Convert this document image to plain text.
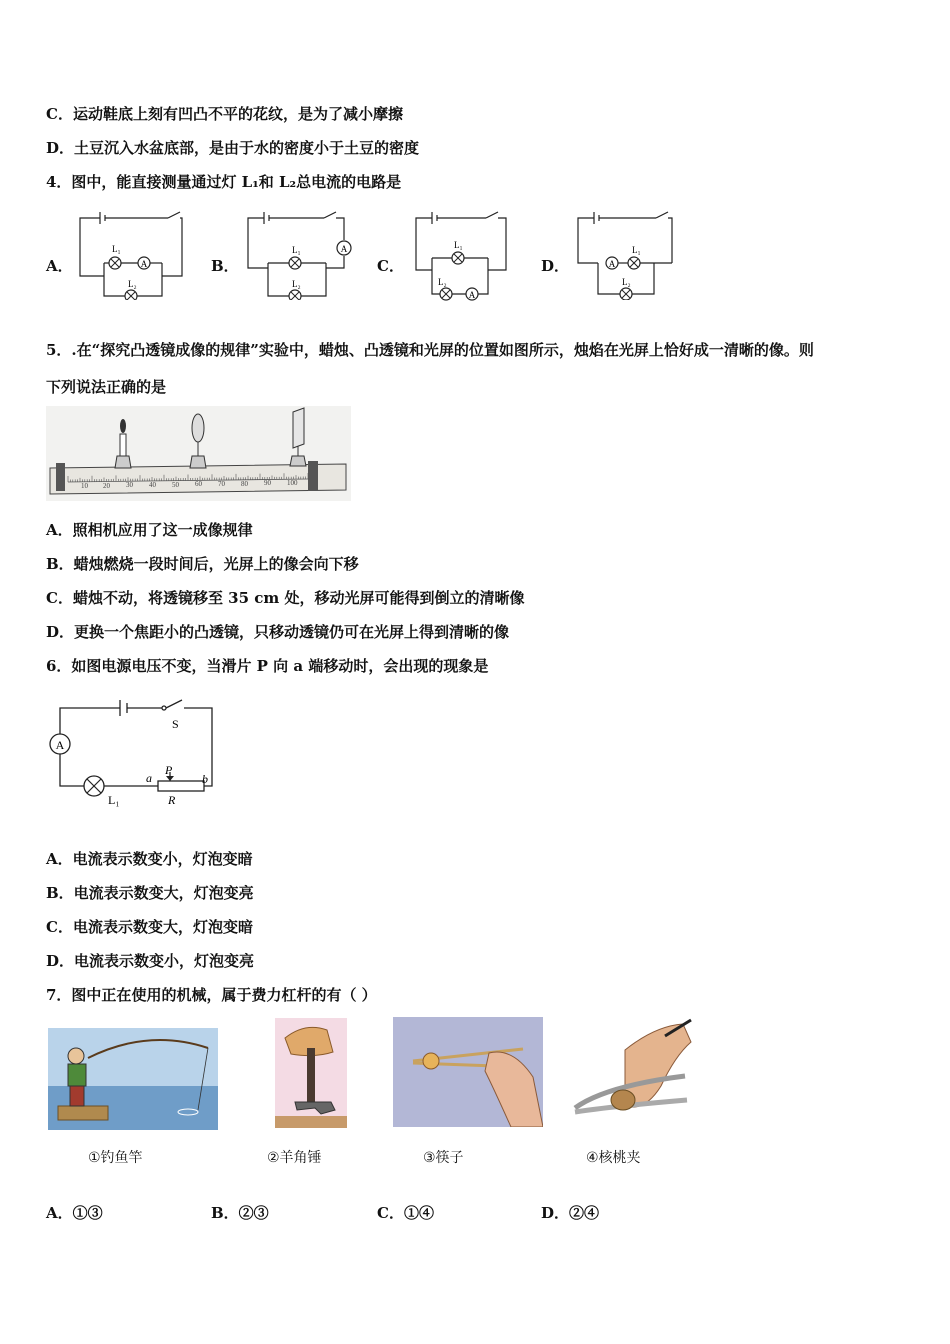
C．运动鞋底上刻有凹凸不平的花纹，是为了减小摩擦
D．土豆沉入水盆底部，是由于水的密度小于土豆的密度
4．图中，能直接测量通过灯 L₁和 L₂总电流的电路是
A．	B．	C．	D．
A
L₁
L₂
A
L₁
L₂
A
L₁
L₂
A
L₁
L₂
5．.在“探究凸透镜成像的规律”实验中，蜡烛、凸透镜和光屏的位置如图所示，烛焰在光屏上恰好成一清晰的像。则
下列说法正确的是
10 20 30 40 50 60 70 80 90 100
A．照相机应用了这一成像规律
B．蜡烛燃烧一段时间后，光屏上的像会向下移
C．蜡烛不动，将透镜移至 35 cm 处，移动光屏可能得到倒立的清晰像
D．更换一个焦距小的凸透镜，只移动透镜仍可在光屏上得到清晰的像
6．如图电源电压不变，当滑片 P 向 a 端移动时，会出现的现象是
A
S
a
P
b
R
L₁
A．电流表示数变小，灯泡变暗
B．电流表示数变大，灯泡变亮
C．电流表示数变大，灯泡变暗
D．电流表示数变小，灯泡变亮
7．图中正在使用的机械，属于费力杠杆的有（ ）
①钓鱼竿	②羊角锤	③筷子	④核桃夹
A．①③	B．②③	C．①④	D．②④
